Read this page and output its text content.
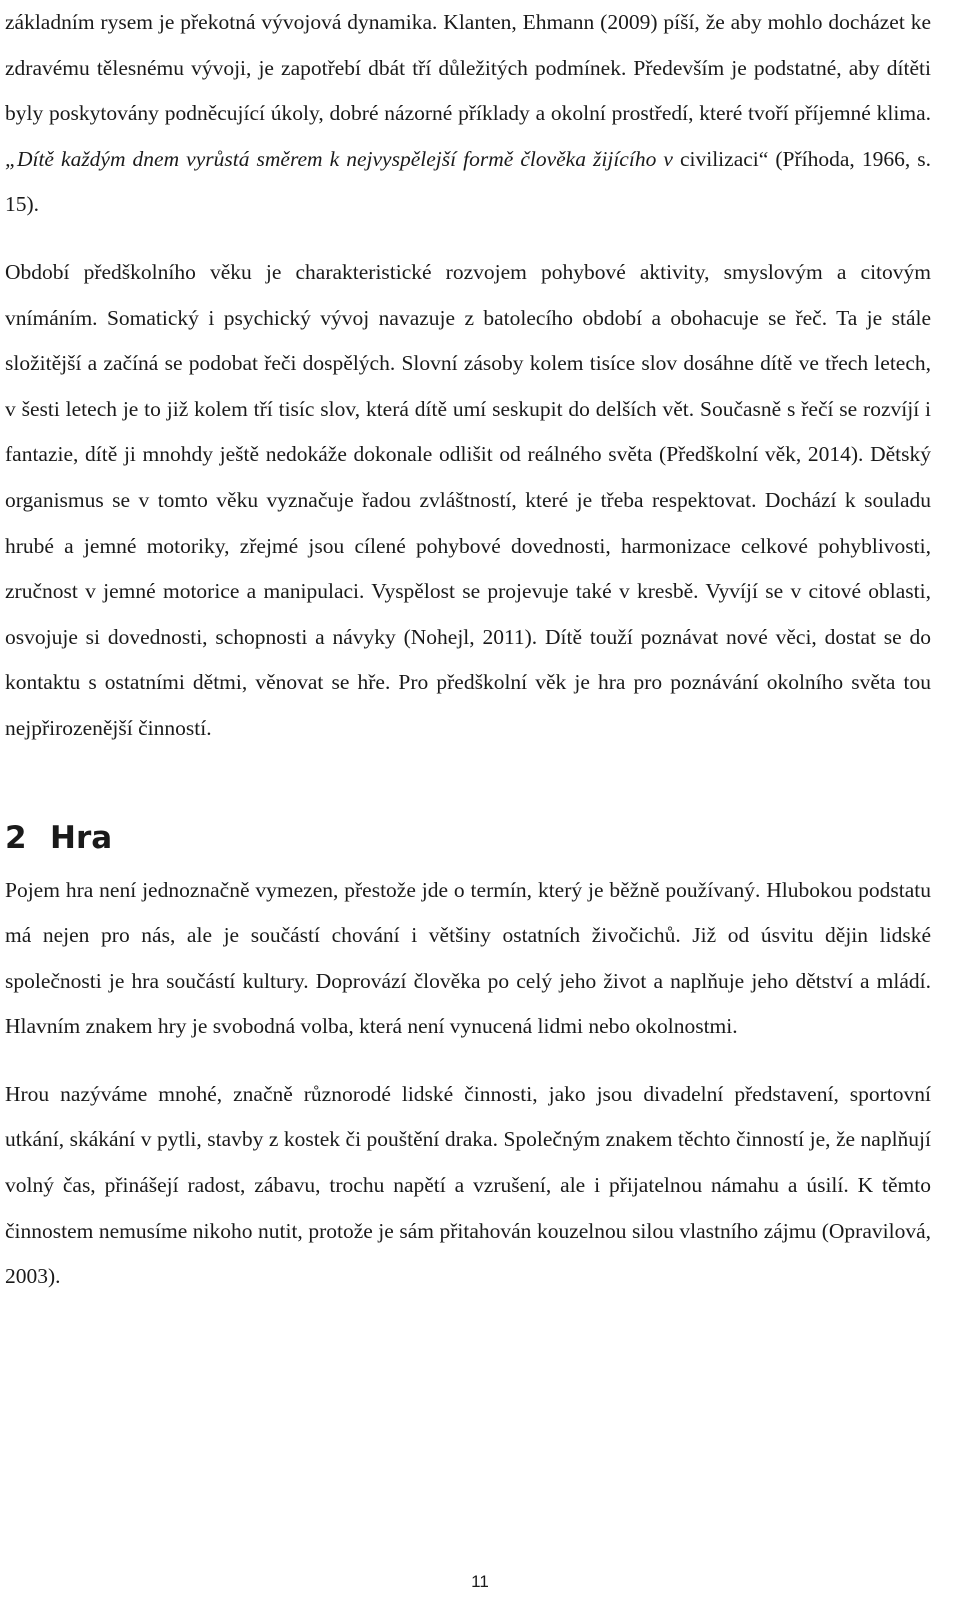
základním rysem je překotná vývojová dynamika. Klanten, Ehmann (2009) píší, že aby mohlo docházet ke zdravému tělesnému vývoji, je zapotřebí dbát tří důležitých podmínek. Především je podstatné, aby dítěti byly poskytovány podněcující úkoly, dobré názorné příklady a okolní prostředí, které tvoří příjemné klima. „Dítě každým dnem vyrůstá směrem k nejvyspělejší formě člověka žijícího v civilizaci“ (Příhoda, 1966, s. 15).

Období předškolního věku je charakteristické rozvojem pohybové aktivity, smyslovým a citovým vnímáním. Somatický i psychický vývoj navazuje z batolecího období a obohacuje se řeč. Ta je stále složitější a začíná se podobat řeči dospělých. Slovní zásoby kolem tisíce slov dosáhne dítě ve třech letech, v šesti letech je to již kolem tří tisíc slov, která dítě umí seskupit do delších vět. Současně s řečí se rozvíjí i fantazie, dítě ji mnohdy ještě nedokáže dokonale odlišit od reálného světa (Předškolní věk, 2014). Dětský organismus se v tomto věku vyznačuje řadou zvláštností, které je třeba respektovat. Dochází k souladu hrubé a jemné motoriky, zřejmé jsou cílené pohybové dovednosti, harmonizace celkové pohyblivosti, zručnost v jemné motorice a manipulaci. Vyspělost se projevuje také v kresbě. Vyvíjí se v citové oblasti, osvojuje si dovednosti, schopnosti a návyky (Nohejl, 2011). Dítě touží poznávat nové věci, dostat se do kontaktu s ostatními dětmi, věnovat se hře. Pro předškolní věk je hra pro poznávání okolního světa tou nejpřirozenější činností.

2 Hra

Pojem hra není jednoznačně vymezen, přestože jde o termín, který je běžně používaný. Hlubokou podstatu má nejen pro nás, ale je součástí chování i většiny ostatních živočichů. Již od úsvitu dějin lidské společnosti je hra součástí kultury. Doprovází člověka po celý jeho život a naplňuje jeho dětství a mládí. Hlavním znakem hry je svobodná volba, která není vynucená lidmi nebo okolnostmi.

Hrou nazýváme mnohé, značně různorodé lidské činnosti, jako jsou divadelní představení, sportovní utkání, skákání v pytli, stavby z kostek či pouštění draka. Společným znakem těchto činností je, že naplňují volný čas, přinášejí radost, zábavu, trochu napětí a vzrušení, ale i přijatelnou námahu a úsilí. K těmto činnostem nemusíme nikoho nutit, protože je sám přitahován kouzelnou silou vlastního zájmu (Opravilová, 2003).

11
